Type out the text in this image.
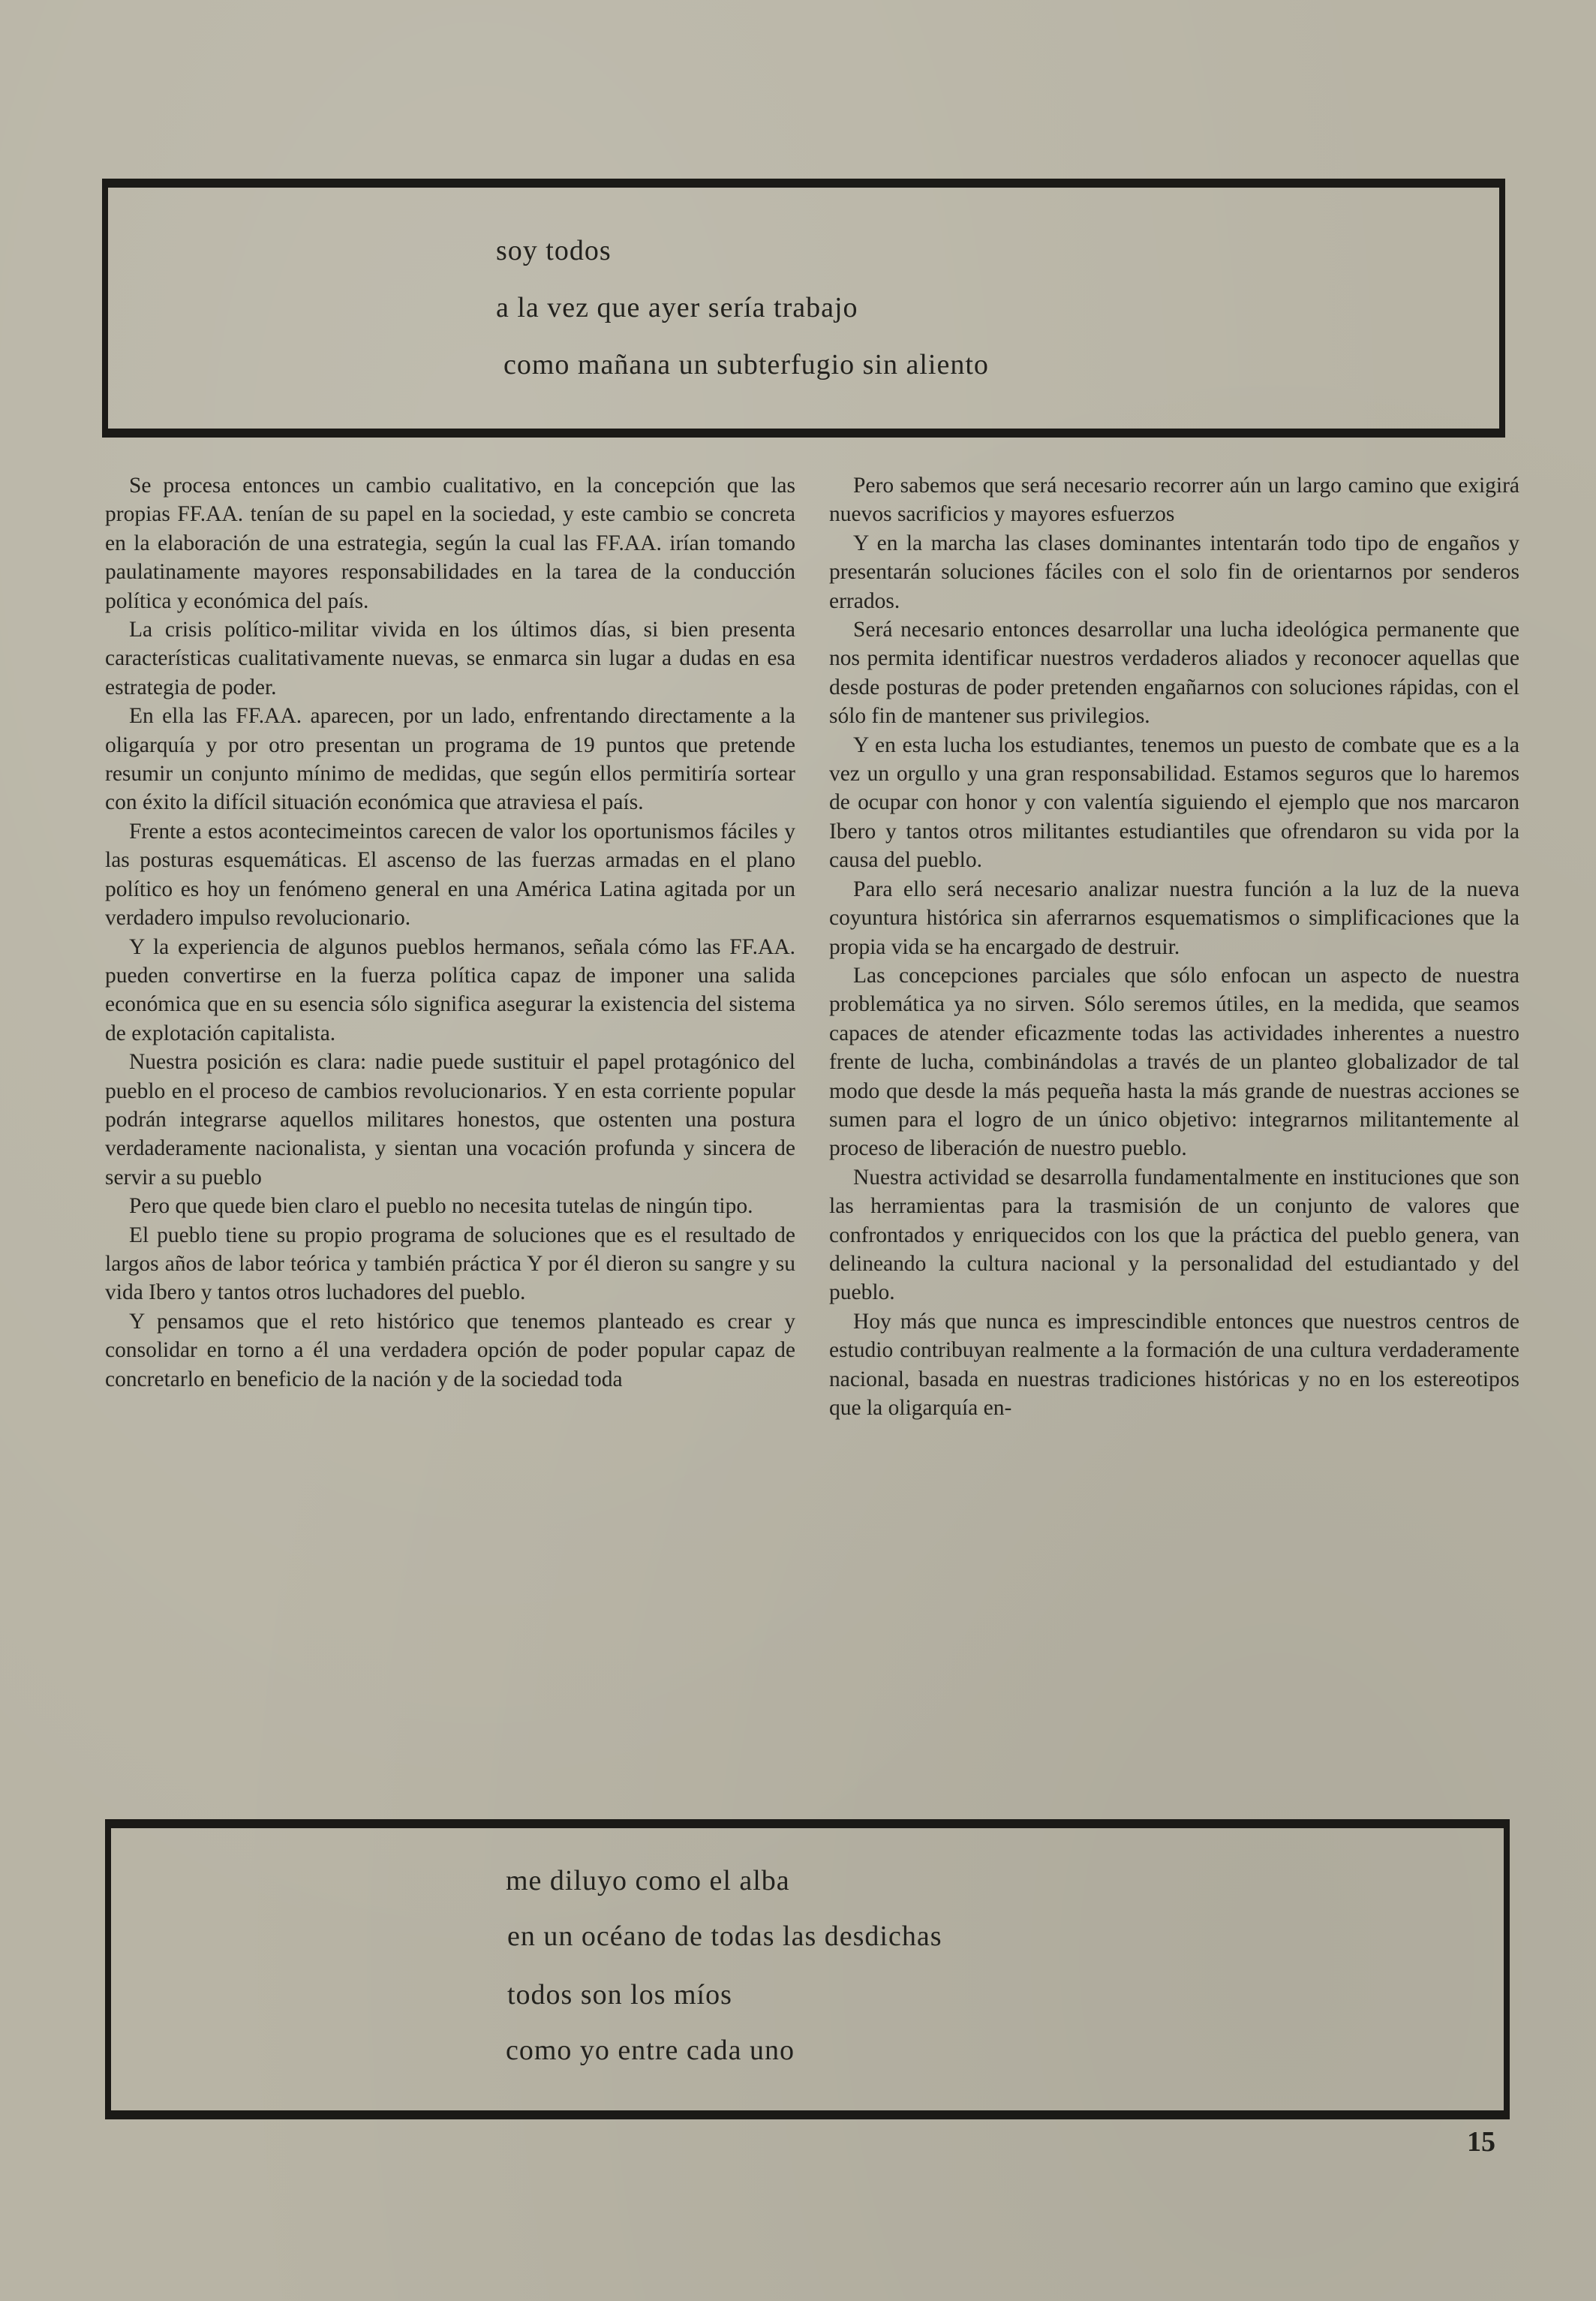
soy todos
a la vez que ayer sería trabajo
como mañana un subterfugio sin aliento

Se procesa entonces un cambio cualitativo, en la concepción que las propias FF.AA. tenían de su papel en la sociedad, y este cambio se concreta en la elaboración de una estrategia, según la cual las FF.AA. irían tomando paulatinamente mayores responsabilidades en la tarea de la conducción política y económica del país.

La crisis político-militar vivida en los últimos días, si bien presenta características cualitativamente nuevas, se enmarca sin lugar a dudas en esa estrategia de poder.

En ella las FF.AA. aparecen, por un lado, enfrentando directamente a la oligarquía y por otro presentan un programa de 19 puntos que pretende resumir un conjunto mínimo de medidas, que según ellos permitiría sortear con éxito la difícil situación económica que atraviesa el país.

Frente a estos acontecimeintos carecen de valor los oportunismos fáciles y las posturas esquemáticas. El ascenso de las fuerzas armadas en el plano político es hoy un fenómeno general en una América Latina agitada por un verdadero impulso revolucionario.

Y la experiencia de algunos pueblos hermanos, señala cómo las FF.AA. pueden convertirse en la fuerza política capaz de imponer una salida económica que en su esencia sólo significa asegurar la existencia del sistema de explotación capitalista.

Nuestra posición es clara: nadie puede sustituir el papel protagónico del pueblo en el proceso de cambios revolucionarios. Y en esta corriente popular podrán integrarse aquellos militares honestos, que ostenten una postura verdaderamente nacionalista, y sientan una vocación profunda y sincera de servir a su pueblo

Pero que quede bien claro el pueblo no necesita tutelas de ningún tipo.

El pueblo tiene su propio programa de soluciones que es el resultado de largos años de labor teórica y también práctica Y por él dieron su sangre y su vida Ibero y tantos otros luchadores del pueblo.

Y pensamos que el reto histórico que tenemos planteado es crear y consolidar en torno a él una verdadera opción de poder popular capaz de concretarlo en beneficio de la nación y de la sociedad toda

Pero sabemos que será necesario recorrer aún un largo camino que exigirá nuevos sacrificios y mayores esfuerzos

Y en la marcha las clases dominantes intentarán todo tipo de engaños y presentarán soluciones fáciles con el solo fin de orientarnos por senderos errados.

Será necesario entonces desarrollar una lucha ideológica permanente que nos permita identificar nuestros verdaderos aliados y reconocer aquellas que desde posturas de poder pretenden engañarnos con soluciones rápidas, con el sólo fin de mantener sus privilegios.

Y en esta lucha los estudiantes, tenemos un puesto de combate que es a la vez un orgullo y una gran responsabilidad. Estamos seguros que lo haremos de ocupar con honor y con valentía siguiendo el ejemplo que nos marcaron Ibero y tantos otros militantes estudiantiles que ofrendaron su vida por la causa del pueblo.

Para ello será necesario analizar nuestra función a la luz de la nueva coyuntura histórica sin aferrarnos esquematismos o simplificaciones que la propia vida se ha encargado de destruir.

Las concepciones parciales que sólo enfocan un aspecto de nuestra problemática ya no sirven. Sólo seremos útiles, en la medida, que seamos capaces de atender eficazmente todas las actividades inherentes a nuestro frente de lucha, combinándolas a través de un planteo globalizador de tal modo que desde la más pequeña hasta la más grande de nuestras acciones se sumen para el logro de un único objetivo: integrarnos militantemente al proceso de liberación de nuestro pueblo.

Nuestra actividad se desarrolla fundamentalmente en instituciones que son las herramientas para la trasmisión de un conjunto de valores que confrontados y enriquecidos con los que la práctica del pueblo genera, van delineando la cultura nacional y la personalidad del estudiantado y del pueblo.

Hoy más que nunca es imprescindible entonces que nuestros centros de estudio contribuyan realmente a la formación de una cultura verdaderamente nacional, basada en nuestras tradiciones históricas y no en los estereotipos que la oligarquía en-

me diluyo como el alba
en un océano de todas las desdichas
todos son los míos
como yo entre cada uno
15
